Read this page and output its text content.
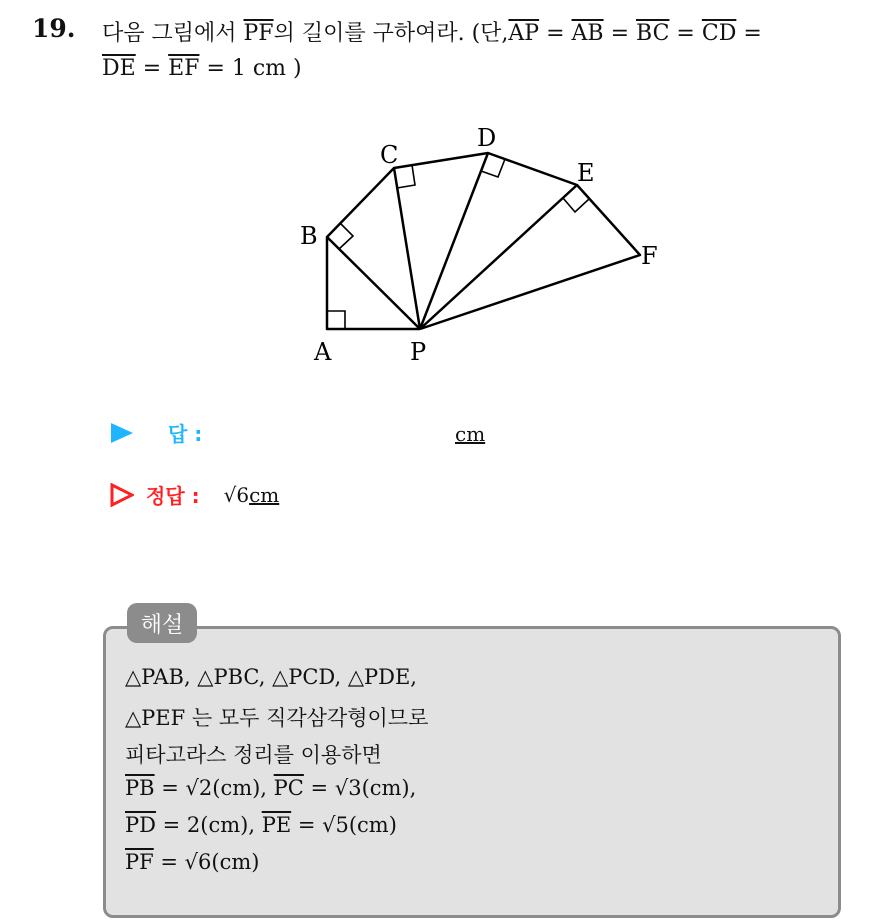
19. 다음 그림에서 $\overline{PF}$의 길이를 구하여라. (단$,\overline{AP} = \overline{AB} = \overline{BC} = \overline{CD}$ =
$\overline{DE} = \overline{EF} = 1$ cm )
A
B
C
D
E
F
P
답 :	cm
정답 : √6cm
해설
△PAB, △PBC, △PCD, △PDE,
△PEF 는 모두 직각삼각형이므로
피타고라스 정리를 이용하면
$\overline{PB} = √2(cm)$, $\overline{PC} = √3(cm)$,
$\overline{PD} = 2(cm)$, $\overline{PE} = √5(cm)$
$\overline{PF} = √6(cm)$
